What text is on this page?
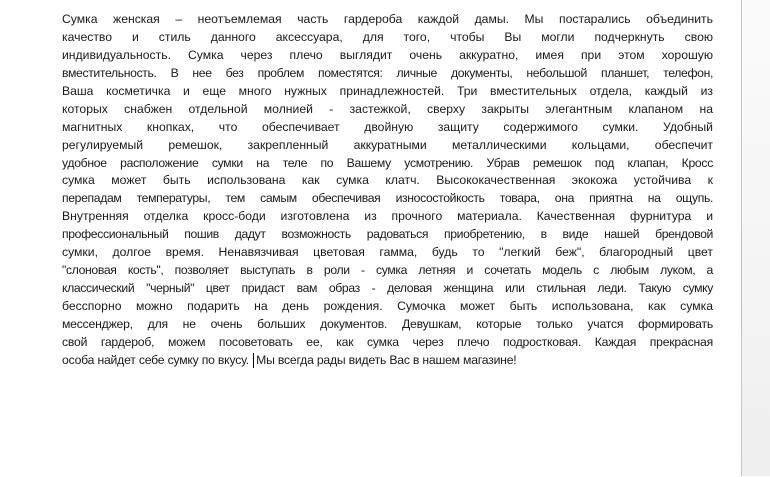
Сумка женская – неотъемлемая часть гардероба каждой дамы. Мы постарались объединить
качество и стиль данного аксессуара, для того, чтобы Вы могли подчеркнуть свою
индивидуальность. Сумка через плечо выглядит очень аккуратно, имея при этом хорошую
вместительность. В нее без проблем поместятся: личные документы, небольшой планшет, телефон,
Ваша косметичка и еще много нужных принадлежностей. Три вместительных отдела, каждый из
которых снабжен отдельной молнией - застежкой, сверху закрыты элегантным клапаном на
магнитных кнопках, что обеспечивает двойную защиту содержимого сумки. Удобный
регулируемый ремешок, закрепленный аккуратными металлическими кольцами, обеспечит
удобное расположение сумки на теле по Вашему усмотрению. Убрав ремешок под клапан, Кросс
сумка может быть использована как сумка клатч. Высококачественная экокожа устойчива к
перепадам температуры, тем самым обеспечивая износостойкость товара, она приятна на ощупь.
Внутренняя отделка кросс-боди изготовлена из прочного материала. Качественная фурнитура и
профессиональный пошив дадут возможность радоваться приобретению, в виде нашей брендовой
сумки, долгое время. Ненавязчивая цветовая гамма, будь то "легкий беж", благородный цвет
"слоновая кость", позволяет выступать в роли - сумка летняя и сочетать модель с любым луком, а
классический "черный" цвет придаст вам образ - деловая женщина или стильная леди. Такую сумку
бесспорно можно подарить на день рождения. Сумочка может быть использована, как сумка
мессенджер, для не очень больших документов. Девушкам, которые только учатся формировать
свой гардероб, можем посоветовать ее, как сумка через плечо подростковая. Каждая прекрасная
особа найдет себе сумку по вкусу. Мы всегда рады видеть Вас в нашем магазине!
